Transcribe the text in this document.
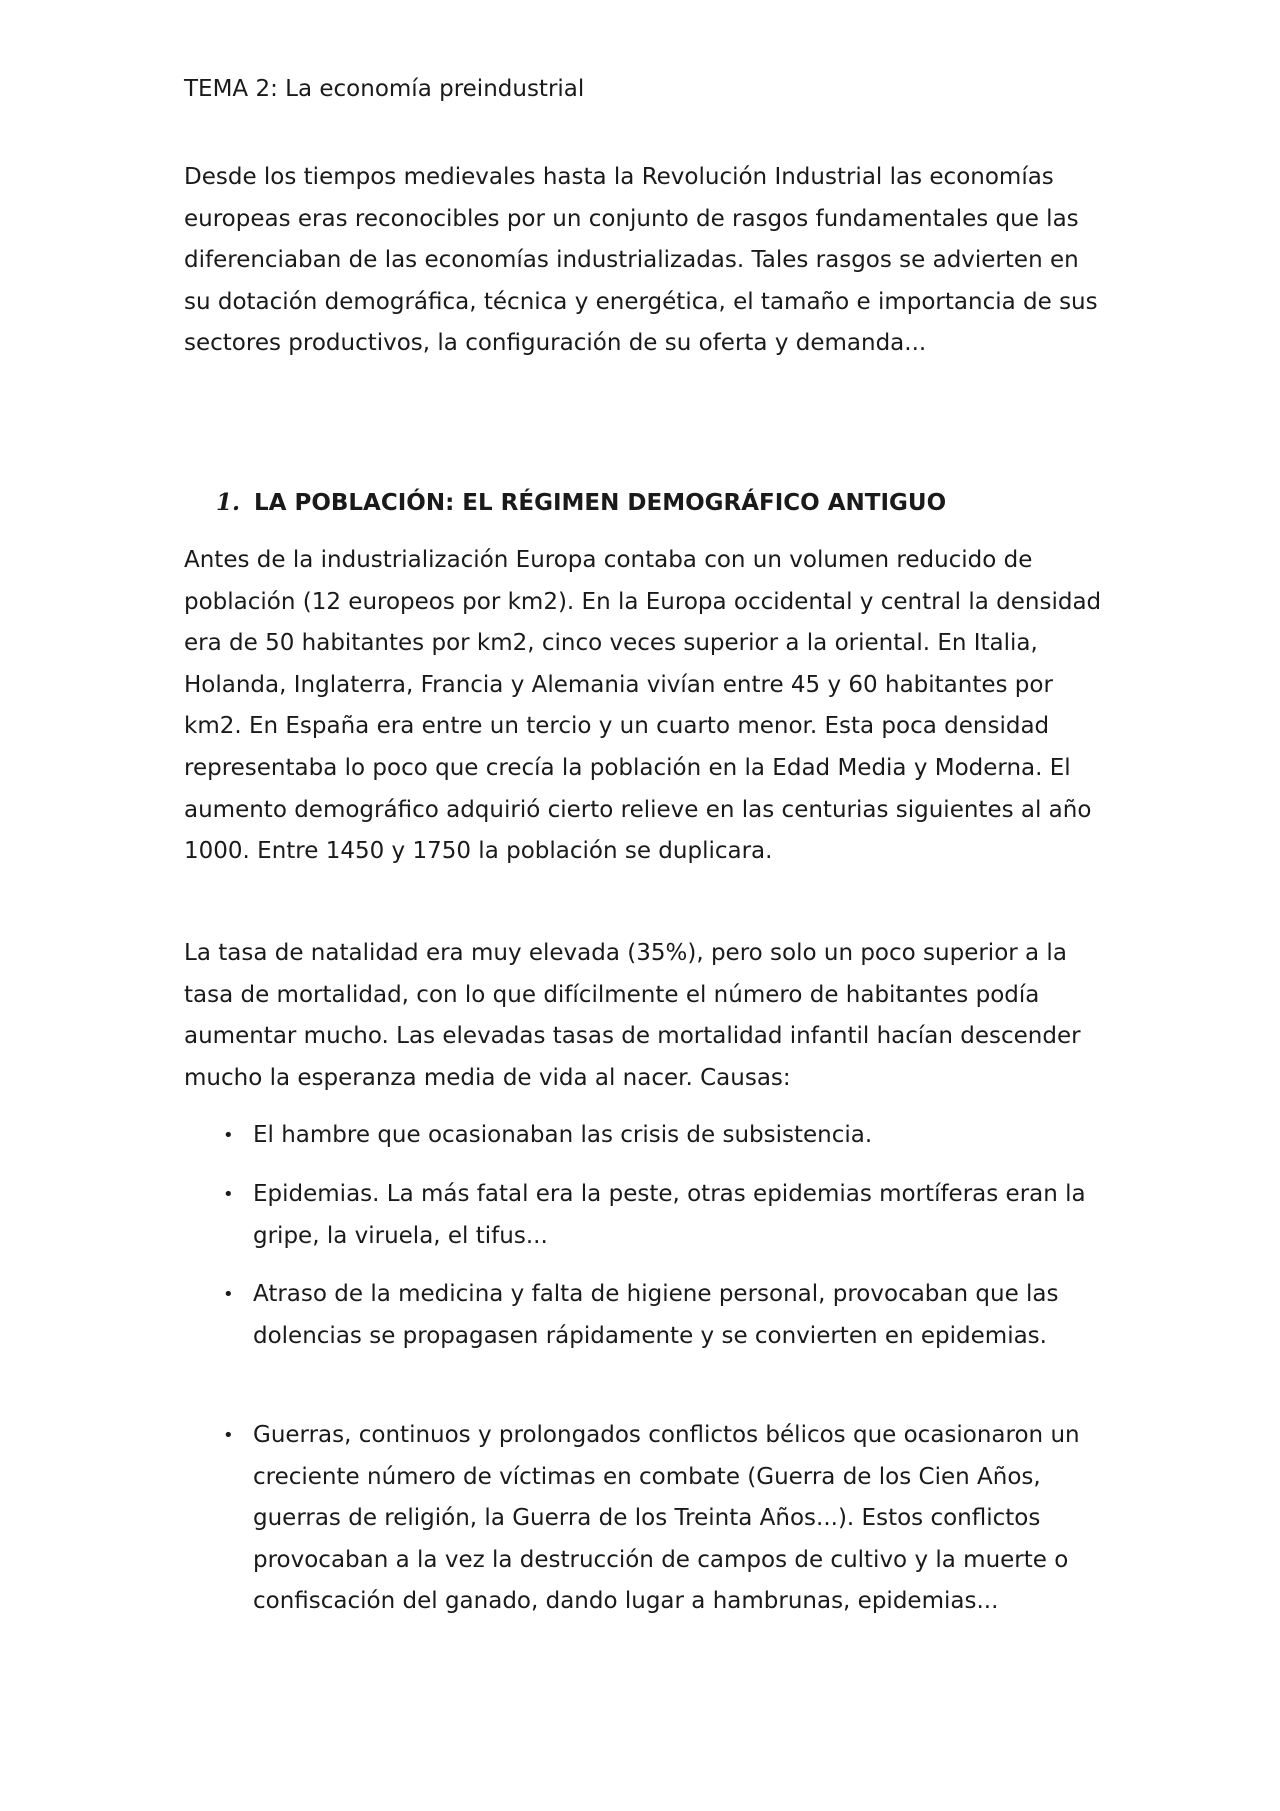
TEMA 2: La economía preindustrial

Desde los tiempos medievales hasta la Revolución Industrial las economías europeas eras reconocibles por un conjunto de rasgos fundamentales que las diferenciaban de las economías industrializadas. Tales rasgos se advierten en su dotación demográfica, técnica y energética, el tamaño e importancia de sus sectores productivos, la configuración de su oferta y demanda...

1. LA POBLACIÓN: EL RÉGIMEN DEMOGRÁFICO ANTIGUO

Antes de la industrialización Europa contaba con un volumen reducido de población (12 europeos por km2). En la Europa occidental y central la densidad era de 50 habitantes por km2, cinco veces superior a la oriental. En Italia, Holanda, Inglaterra, Francia y Alemania vivían entre 45 y 60 habitantes por km2. En España era entre un tercio y un cuarto menor. Esta poca densidad representaba lo poco que crecía la población en la Edad Media y Moderna. El aumento demográfico adquirió cierto relieve en las centurias siguientes al año 1000. Entre 1450 y 1750 la población se duplicara.

La tasa de natalidad era muy elevada (35%), pero solo un poco superior a la tasa de mortalidad, con lo que difícilmente el número de habitantes podía aumentar mucho. Las elevadas tasas de mortalidad infantil hacían descender mucho la esperanza media de vida al nacer. Causas:

• El hambre que ocasionaban las crisis de subsistencia.
• Epidemias. La más fatal era la peste, otras epidemias mortíferas eran la gripe, la viruela, el tifus...
• Atraso de la medicina y falta de higiene personal, provocaban que las dolencias se propagasen rápidamente y se convierten en epidemias.
• Guerras, continuos y prolongados conflictos bélicos que ocasionaron un creciente número de víctimas en combate (Guerra de los Cien Años, guerras de religión, la Guerra de los Treinta Años...). Estos conflictos provocaban a la vez la destrucción de campos de cultivo y la muerte o confiscación del ganado, dando lugar a hambrunas, epidemias...
